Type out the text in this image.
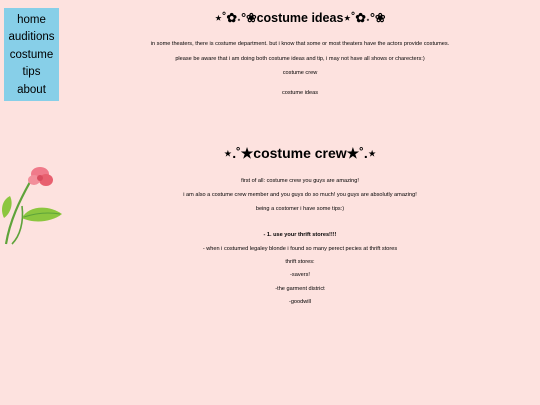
home
auditions
costume
tips
about
⋆˚✿˖°❀costume ideas⋆˚✿˖°❀

in some theaters, there is costume department. but i know that some or most theaters have the actors provide costumes.

please be aware that i am doing both costume ideas and tip, i may not have all shows or charecters:)

costume crew

costume ideas

⋆.˚★costume crew★˚.⋆

first of all: costume crew you guys are amazing!

i am also a costume crew member and you guys do so much! you guys are absolutly amazing!

being a costomer i have some tips:)

- 1. use your thrift stores!!!!

- when i costumed legaley blonde i found so many perect pecies at thrift stores

thrift stores:

-savers!

-the garment district

-goodwill
